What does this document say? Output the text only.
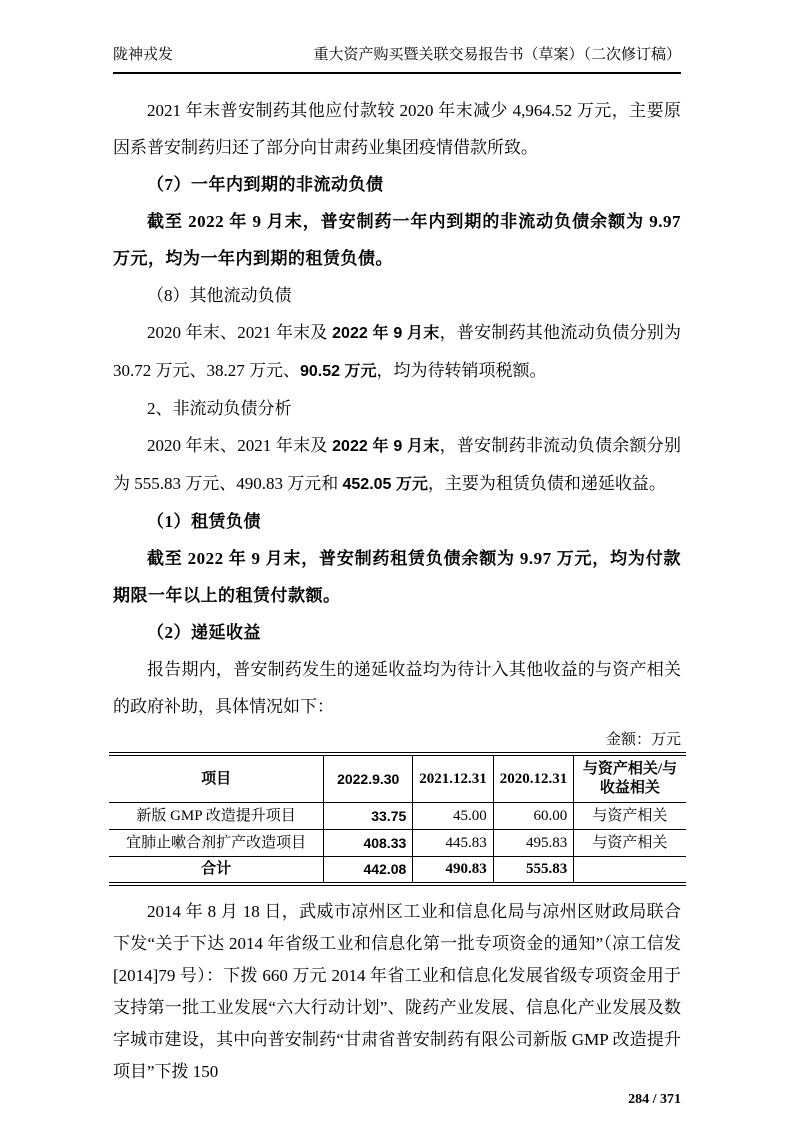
陇神戎发	重大资产购买暨关联交易报告书（草案）（二次修订稿）

2021 年末普安制药其他应付款较 2020 年末减少 4,964.52 万元，主要原因系普安制药归还了部分向甘肃药业集团疫情借款所致。

（7）一年内到期的非流动负债

截至 2022 年 9 月末，普安制药一年内到期的非流动负债余额为 9.97 万元，均为一年内到期的租赁负债。

（8）其他流动负债

2020 年末、2021 年末及 2022 年 9 月末，普安制药其他流动负债分别为 30.72 万元、38.27 万元、90.52 万元，均为待转销项税额。

2、非流动负债分析

2020 年末、2021 年末及 2022 年 9 月末，普安制药非流动负债余额分别为 555.83 万元、490.83 万元和 452.05 万元，主要为租赁负债和递延收益。

（1）租赁负债

截至 2022 年 9 月末，普安制药租赁负债余额为 9.97 万元，均为付款期限一年以上的租赁付款额。

（2）递延收益

报告期内，普安制药发生的递延收益均为待计入其他收益的与资产相关的政府补助，具体情况如下：

金额：万元
项目	2022.9.30	2021.12.31	2020.12.31	与资产相关/与收益相关
新版 GMP 改造提升项目	33.75	45.00	60.00	与资产相关
宜肺止嗽合剂扩产改造项目	408.33	445.83	495.83	与资产相关
合计	442.08	490.83	555.83	

2014 年 8 月 18 日，武威市凉州区工业和信息化局与凉州区财政局联合下发“关于下达 2014 年省级工业和信息化第一批专项资金的通知”（凉工信发[2014]79 号）：下拨 660 万元 2014 年省工业和信息化发展省级专项资金用于支持第一批工业发展“六大行动计划”、陇药产业发展、信息化产业发展及数字城市建设，其中向普安制药“甘肃省普安制药有限公司新版 GMP 改造提升项目”下拨 150

284 / 371
